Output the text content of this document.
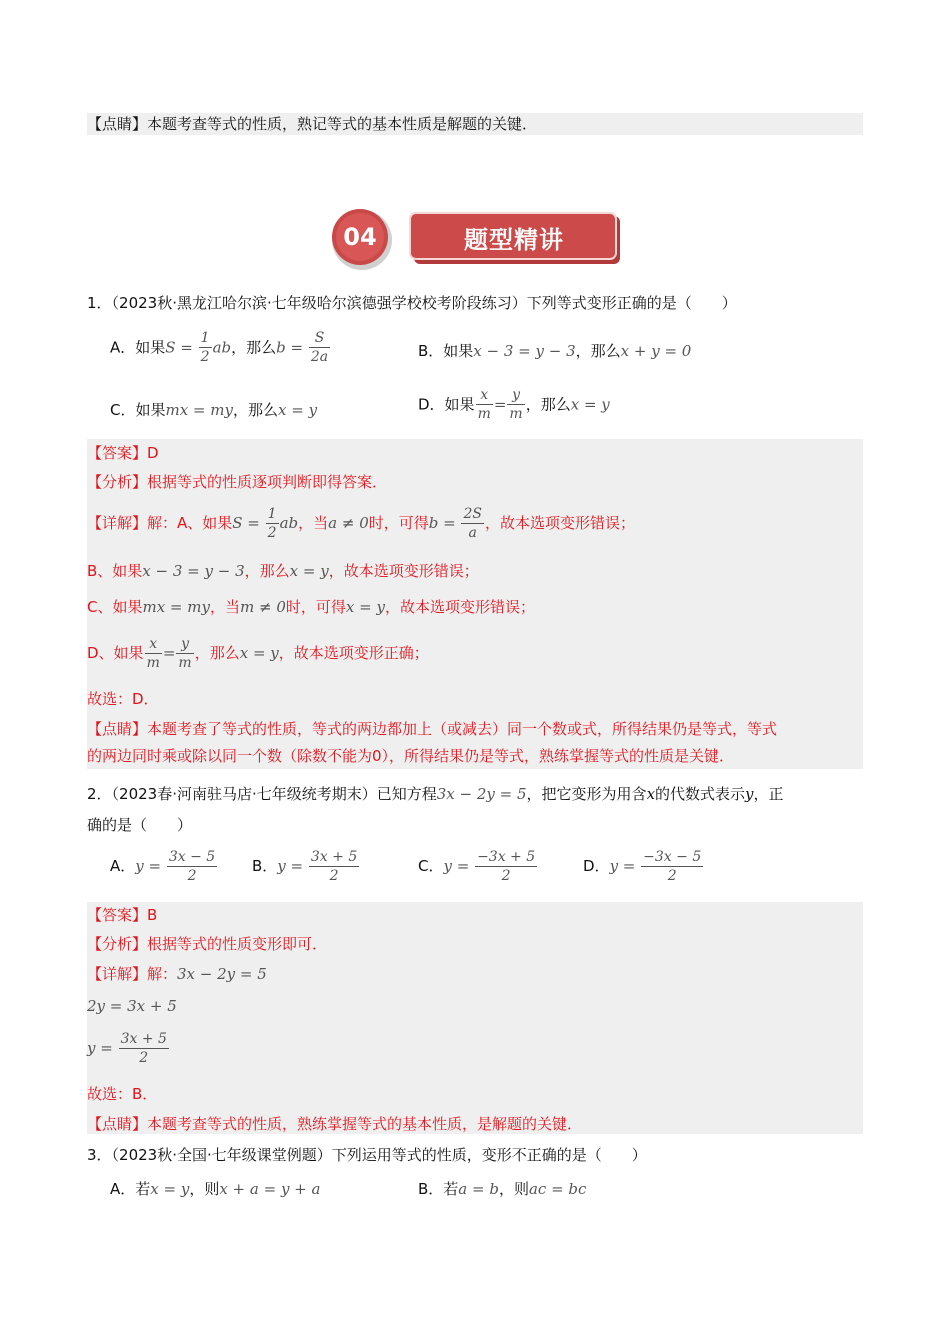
【点睛】本题考查等式的性质，熟记等式的基本性质是解题的关键．
04	题型精讲
1．（2023秋·黑龙江哈尔滨·七年级哈尔滨德强学校校考阶段练习）下列等式变形正确的是（　　）
A．如果$S = \frac{1}{2}$ ab，那么$b = \frac{S}{2a}$	B．如果x − 3 = y − 3，那么x + y = 0
C．如果mx = my，那么x = y	D．如果 $\frac{x}{m} = \frac{y}{m}$ ，那么x = y
【答案】D
【分析】根据等式的性质逐项判断即得答案．
【详解】解：A、如果$S = \frac{1}{2}$ ab，当a ≠ 0时，可得$b = \frac{2S}{a}$ ，故本选项变形错误；
B、如果x − 3 = y − 3，那么x = y，故本选项变形错误；
C、如果mx = my，当m ≠ 0时，可得x = y，故本选项变形错误；
D、如果 $\frac{x}{m} = \frac{y}{m}$ ，那么x = y，故本选项变形正确；
故选：D．
【点睛】本题考查了等式的性质，等式的两边都加上（或减去）同一个数或式，所得结果仍是等式，等式
的两边同时乘或除以同一个数（除数不能为0），所得结果仍是等式，熟练掌握等式的性质是关键．
2．（2023春·河南驻马店·七年级统考期末）已知方程3x − 2y = 5，把它变形为用含x的代数式表示y，正
确的是（　　）
A．$y = \frac{3x - 5}{2}$ B．$y = \frac{3x + 5}{2}$	C．$y = \frac{-3x + 5}{2}$	D．$y = \frac{-3x - 5}{2}$
【答案】B
【分析】根据等式的性质变形即可．
【详解】解：3x − 2y = 5
2y = 3x + 5
$y = \frac{3x + 5}{2}$
故选：B．
【点睛】本题考查等式的性质，熟练掌握等式的基本性质，是解题的关键．
3．（2023秋·全国·七年级课堂例题）下列运用等式的性质，变形不正确的是（　　）
A．若x = y，则x + a = y + a	B．若a = b，则ac = bc
